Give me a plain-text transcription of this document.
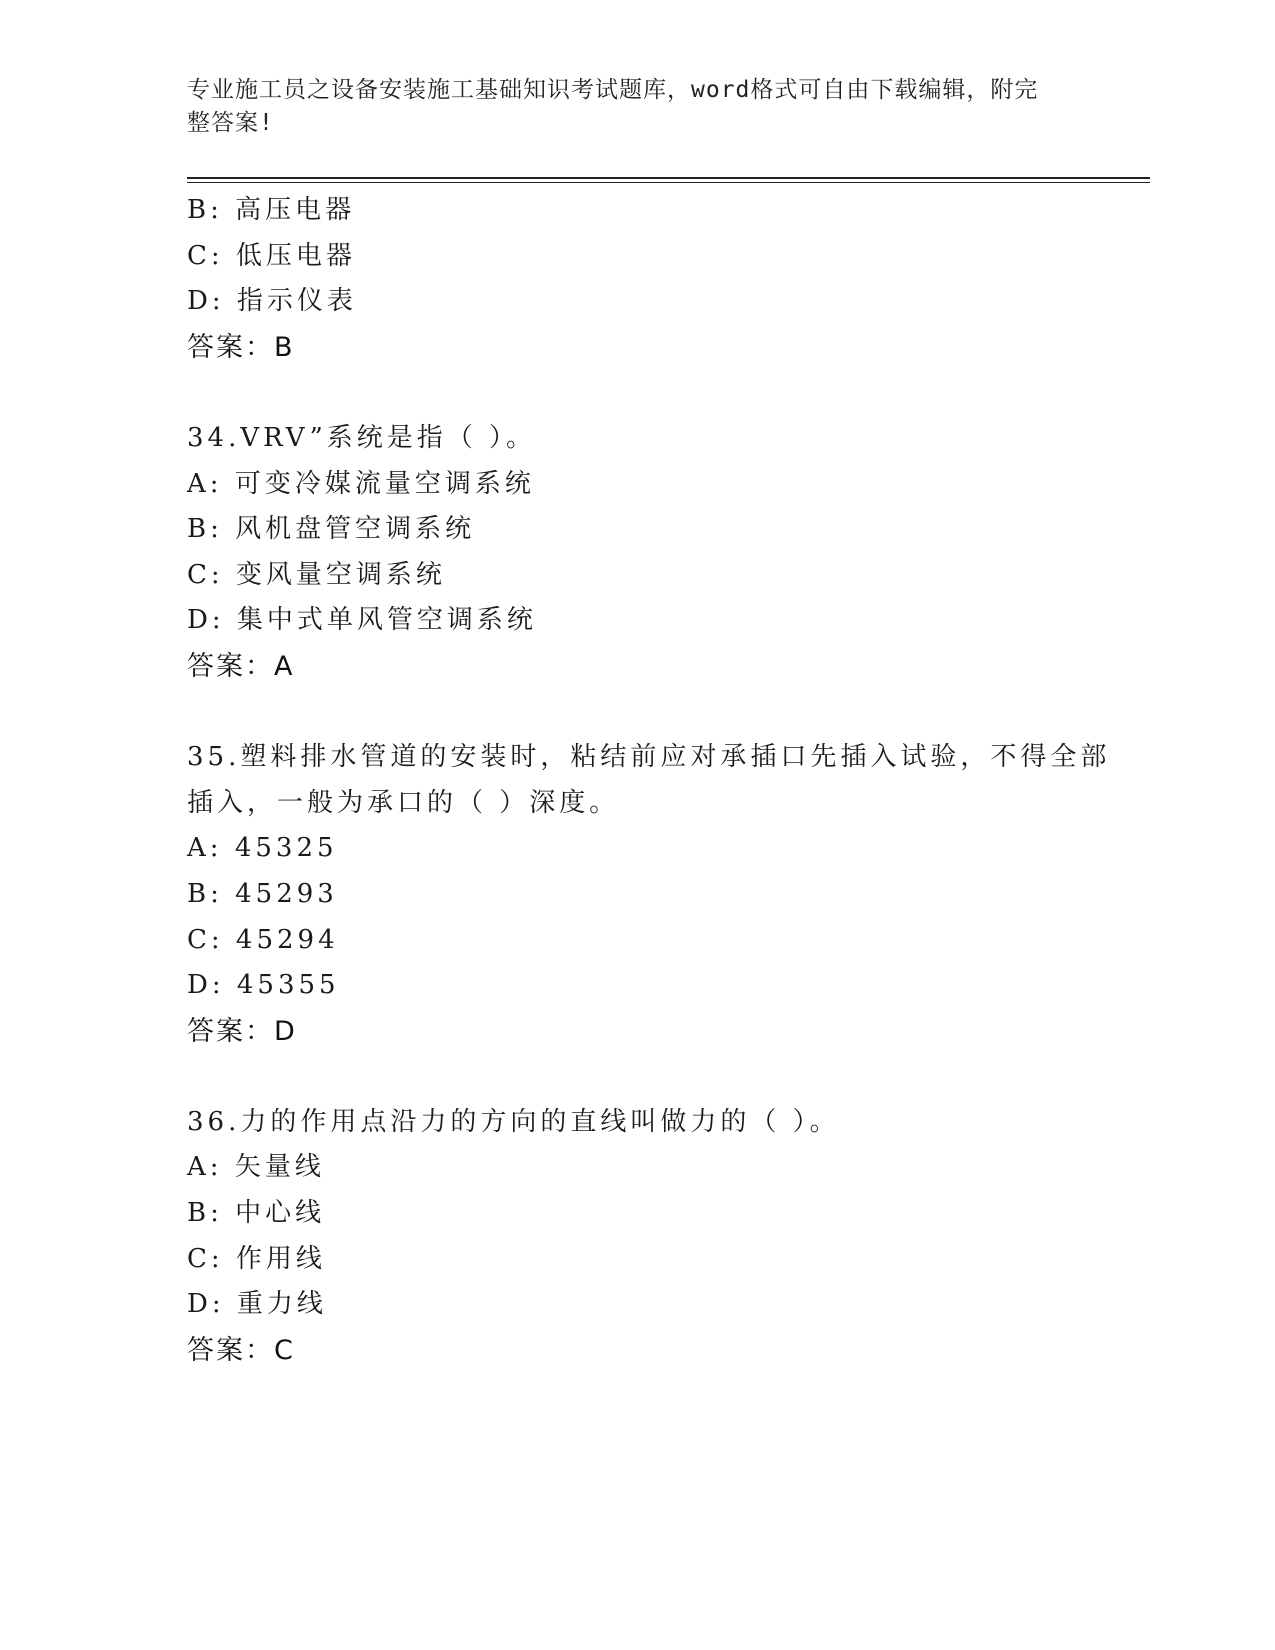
专业施工员之设备安装施工基础知识考试题库，word格式可自由下载编辑，附完
整答案!
B: 高压电器
C: 低压电器
D: 指示仪表
答案：B
34.VRV”系统是指（ ）。
A: 可变冷媒流量空调系统
B: 风机盘管空调系统
C: 变风量空调系统
D: 集中式单风管空调系统
答案：A
35.塑料排水管道的安装时，粘结前应对承插口先插入试验，不得全部
插入，一般为承口的（ ）深度。
A: 45325
B: 45293
C: 45294
D: 45355
答案：D
36.力的作用点沿力的方向的直线叫做力的（ ）。
A: 矢量线
B: 中心线
C: 作用线
D: 重力线
答案：C
